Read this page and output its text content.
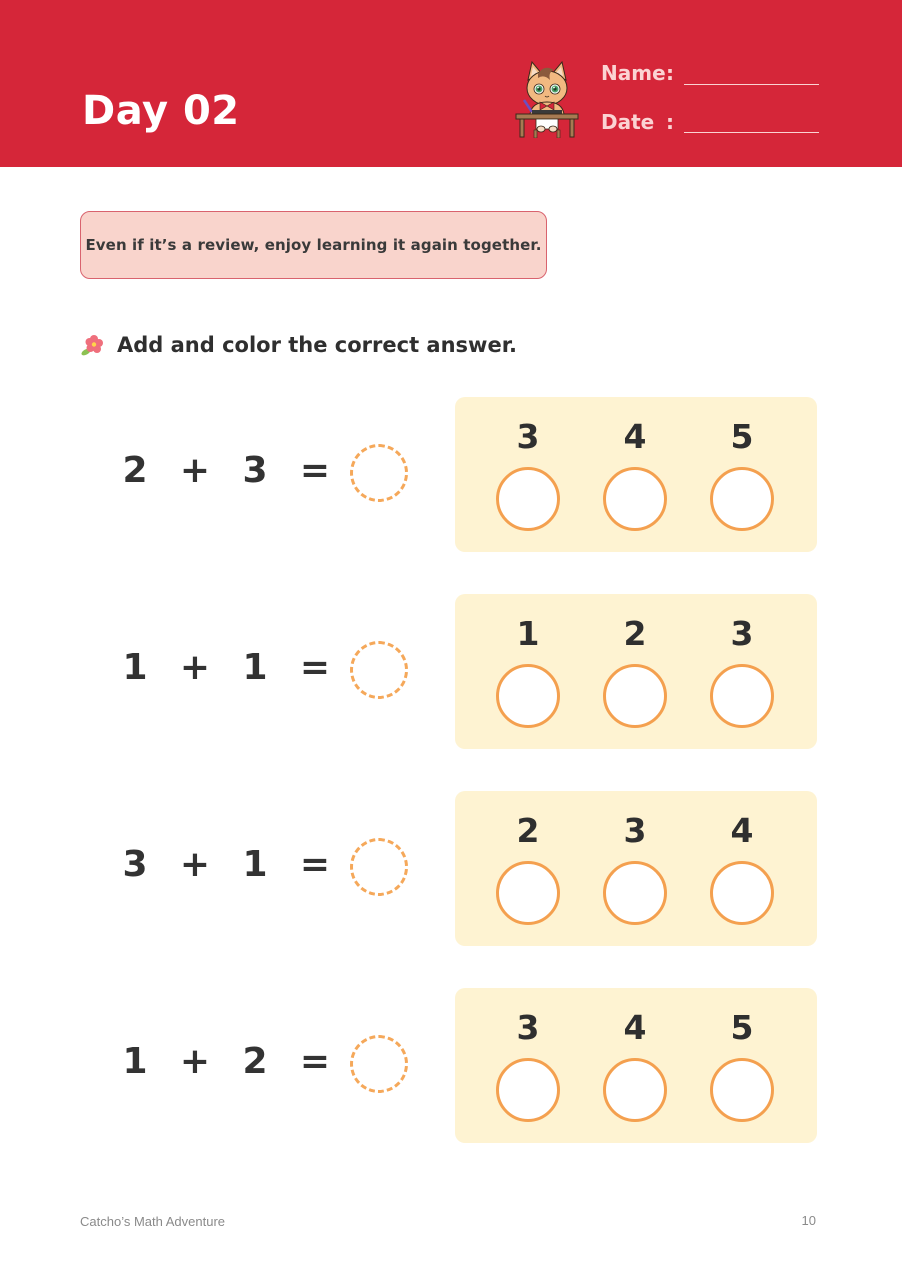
Day 02
Name :
Date :
Even if it’s a review, enjoy learning it again together.
Add and color the correct answer.
2 + 3 =
3	4	5
1 + 1 =
1	2	3
3 + 1 =
2	3	4
1 + 2 =
3	4	5
Catcho’s Math Adventure	10
